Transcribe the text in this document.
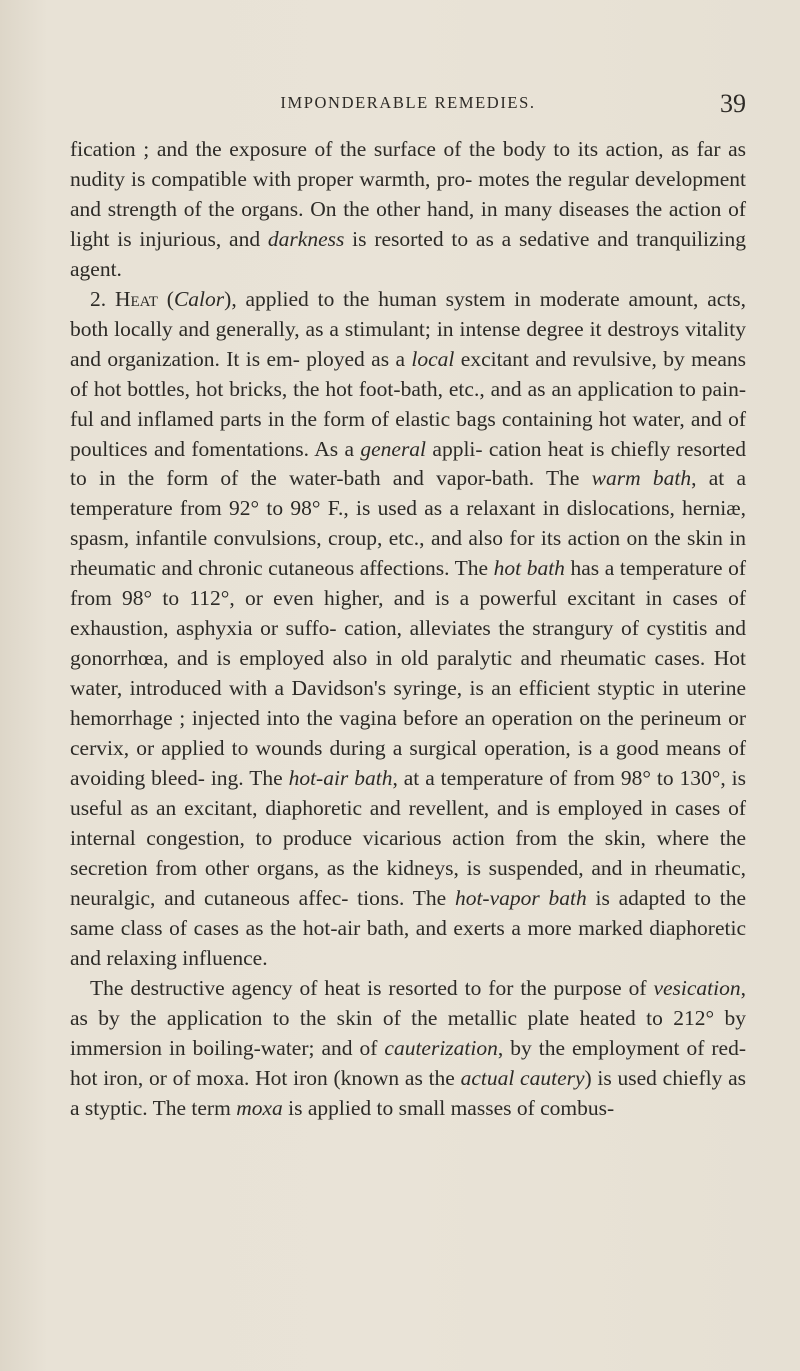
IMPONDERABLE REMEDIES.	39

fication ; and the exposure of the surface of the body to its action, as far as nudity is compatible with proper warmth, pro- motes the regular development and strength of the organs. On the other hand, in many diseases the action of light is injurious, and darkness is resorted to as a sedative and tranquilizing agent.

2. Heat (Calor), applied to the human system in moderate amount, acts, both locally and generally, as a stimulant; in intense degree it destroys vitality and organization. It is em- ployed as a local excitant and revulsive, by means of hot bottles, hot bricks, the hot foot-bath, etc., and as an application to pain- ful and inflamed parts in the form of elastic bags containing hot water, and of poultices and fomentations. As a general appli- cation heat is chiefly resorted to in the form of the water-bath and vapor-bath. The warm bath, at a temperature from 92° to 98° F., is used as a relaxant in dislocations, herniæ, spasm, infantile convulsions, croup, etc., and also for its action on the skin in rheumatic and chronic cutaneous affections. The hot bath has a temperature of from 98° to 112°, or even higher, and is a powerful excitant in cases of exhaustion, asphyxia or suffo- cation, alleviates the strangury of cystitis and gonorrhœa, and is employed also in old paralytic and rheumatic cases. Hot water, introduced with a Davidson's syringe, is an efficient styptic in uterine hemorrhage ; injected into the vagina before an operation on the perineum or cervix, or applied to wounds during a surgical operation, is a good means of avoiding bleed- ing. The hot-air bath, at a temperature of from 98° to 130°, is useful as an excitant, diaphoretic and revellent, and is employed in cases of internal congestion, to produce vicarious action from the skin, where the secretion from other organs, as the kidneys, is suspended, and in rheumatic, neuralgic, and cutaneous affec- tions. The hot-vapor bath is adapted to the same class of cases as the hot-air bath, and exerts a more marked diaphoretic and relaxing influence.

The destructive agency of heat is resorted to for the purpose of vesication, as by the application to the skin of the metallic plate heated to 212° by immersion in boiling-water; and of cauterization, by the employment of red-hot iron, or of moxa. Hot iron (known as the actual cautery) is used chiefly as a styptic. The term moxa is applied to small masses of combus-
